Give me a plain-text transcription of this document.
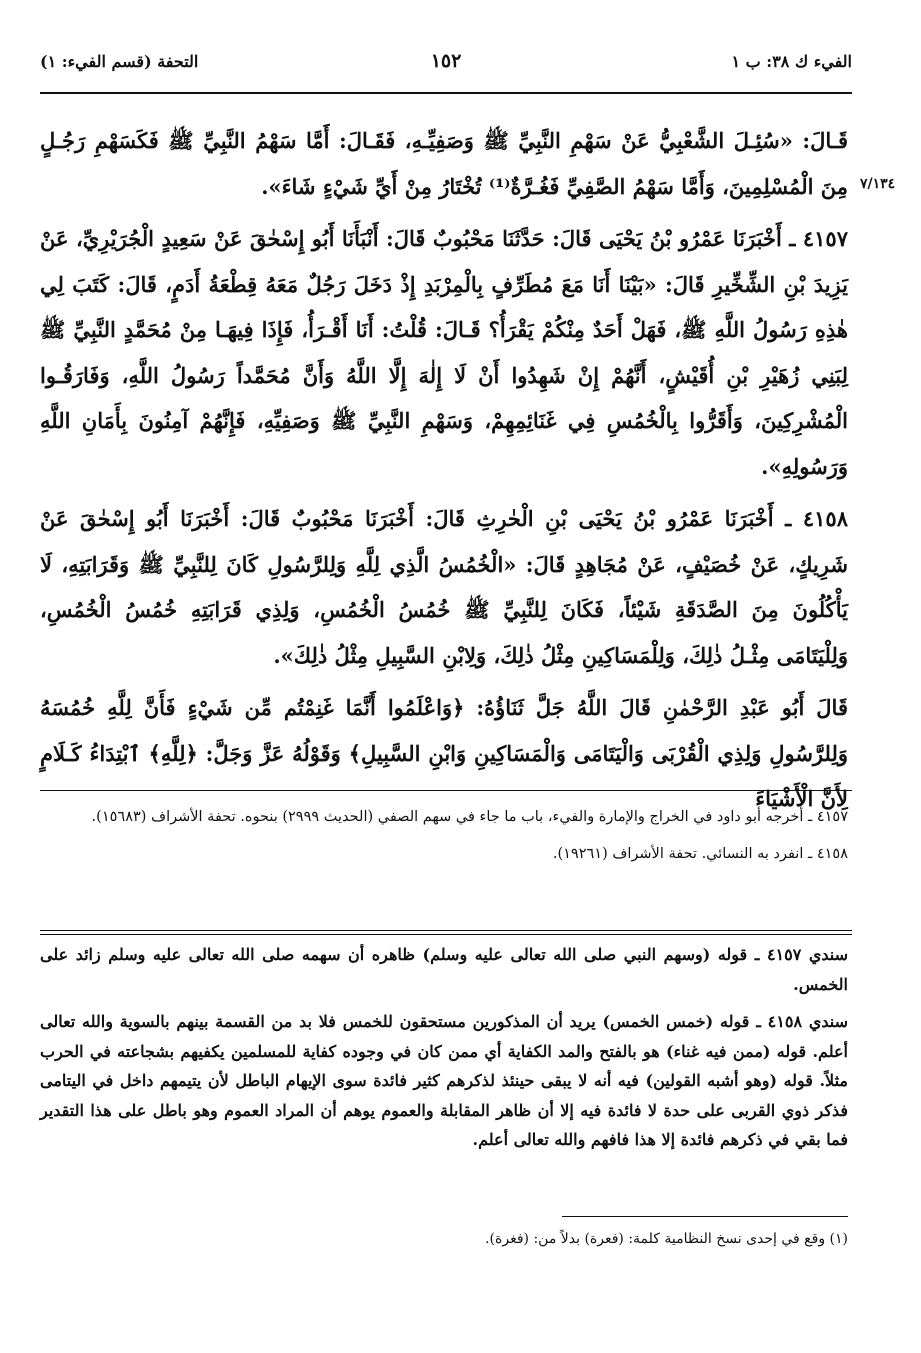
الفيء ك ٣٨: ب ١
١٥٢
التحفة (قسم الفيء: ١)
٧/١٣٤

قَـالَ: «سُئِـلَ الشَّعْبِيُّ عَنْ سَهْمِ النَّبِيِّ ﷺ وَصَفِيِّـهِ، فَقَـالَ: أَمَّا سَهْمُ النَّبِيِّ ﷺ فَكَسَهْمِ رَجُـلٍ مِنَ الْمُسْلِمِينَ، وَأَمَّا سَهْمُ الصَّفِيِّ فَغُـرَّةٌ⁽¹⁾ تُخْتَارُ مِنْ أَيِّ شَيْءٍ شَاءَ».

٤١٥٧ ـ أَخْبَرَنَا عَمْرُو بْنُ يَحْيَى قَالَ: حَدَّثَنَا مَحْبُوبٌ قَالَ: أَنْبَأَنَا أَبُو إِسْحٰقَ عَنْ سَعِيدٍ الْجُرَيْرِيِّ، عَنْ يَزِيدَ بْنِ الشِّخِّيرِ قَالَ: «بَيْنَا أَنَا مَعَ مُطَرِّفٍ بِالْمِرْبَدِ إِذْ دَخَلَ رَجُلٌ مَعَهُ قِطْعَةُ أَدَمٍ، قَالَ: كَتَبَ لِي هٰذِهِ رَسُولُ اللَّهِ ﷺ، فَهَلْ أَحَدٌ مِنْكُمْ يَقْرَأُ؟ قَـالَ: قُلْتُ: أَنَا أَقْـرَأُ، فَإِذَا فِيهَـا مِنْ مُحَمَّدٍ النَّبِيِّ ﷺ لِبَنِي زُهَيْرِ بْنِ أُقَيْشٍ، أَنَّهُمْ إِنْ شَهِدُوا أَنْ لَا إِلٰهَ إِلَّا اللَّهُ وَأَنَّ مُحَمَّداً رَسُولُ اللَّهِ، وَفَارَقُـوا الْمُشْرِكِينَ، وَأَقَرُّوا بِالْخُمُسِ فِي غَنَائِمِهِمْ، وَسَهْمِ النَّبِيِّ ﷺ وَصَفِيِّهِ، فَإِنَّهُمْ آمِنُونَ بِأَمَانِ اللَّهِ وَرَسُولِهِ».

٤١٥٨ ـ أَخْبَرَنَا عَمْرُو بْنُ يَحْيَى بْنِ الْحٰرِثِ قَالَ: أَخْبَرَنَا مَحْبُوبٌ قَالَ: أَخْبَرَنَا أَبُو إِسْحٰقَ عَنْ شَرِيكٍ، عَنْ خُصَيْفٍ، عَنْ مُجَاهِدٍ قَالَ: «الْخُمُسُ الَّذِي لِلَّهِ وَلِلرَّسُولِ كَانَ لِلنَّبِيِّ ﷺ وَقَرَابَتِهِ، لَا يَأْكُلُونَ مِنَ الصَّدَقَةِ شَيْئاً، فَكَانَ لِلنَّبِيِّ ﷺ خُمُسُ الْخُمُسِ، وَلِذِي قَرَابَتِهِ خُمُسُ الْخُمُسِ، وَلِلْيَتَامَى مِثْـلُ ذٰلِكَ، وَلِلْمَسَاكِينِ مِثْلُ ذٰلِكَ، وَلِابْنِ السَّبِيلِ مِثْلُ ذٰلِكَ».

قَالَ أَبُو عَبْدِ الرَّحْمٰنِ قَالَ اللَّهُ جَلَّ ثَنَاؤُهُ: ﴿وَاعْلَمُوا أَنَّمَا غَنِمْتُم مِّن شَيْءٍ فَأَنَّ لِلَّهِ خُمُسَهُ وَلِلرَّسُولِ وَلِذِي الْقُرْبَى وَالْيَتَامَى وَالْمَسَاكِينِ وَابْنِ السَّبِيلِ﴾ وَقَوْلُهُ عَزَّ وَجَلَّ: ﴿لِلَّهِ﴾ ٱبْتِدَاءُ كَـلَامٍ لِأَنَّ الْأَشْيَاءَ

٤١٥٧ ـ أخرجه أبو داود في الخراج والإمارة والفيء، باب ما جاء في سهم الصفي (الحديث ٢٩٩٩) بنحوه. تحفة الأشراف (١٥٦٨٣).

٤١٥٨ ـ انفرد به النسائي. تحفة الأشراف (١٩٢٦١).

سندي ٤١٥٧ ـ قوله (وسهم النبي صلى الله تعالى عليه وسلم) ظاهره أن سهمه صلى الله تعالى عليه وسلم زائد على الخمس.

سندي ٤١٥٨ ـ قوله (خمس الخمس) يريد أن المذكورين مستحقون للخمس فلا بد من القسمة بينهم بالسوية والله تعالى أعلم. قوله (ممن فيه غناء) هو بالفتح والمد الكفاية أي ممن كان في وجوده كفاية للمسلمين يكفيهم بشجاعته في الحرب مثلاً. قوله (وهو أشبه القولين) فيه أنه لا يبقى حينئذ لذكرهم كثير فائدة سوى الإيهام الباطل لأن يتيمهم داخل في اليتامى فذكر ذوي القربى على حدة لا فائدة فيه إلا أن ظاهر المقابلة والعموم يوهم أن المراد العموم وهو باطل على هذا التقدير فما بقي في ذكرهم فائدة إلا هذا فافهم والله تعالى أعلم.

(١) وقع في إحدى نسخ النظامية كلمة: (فعرة) بدلاً من: (فغرة).
